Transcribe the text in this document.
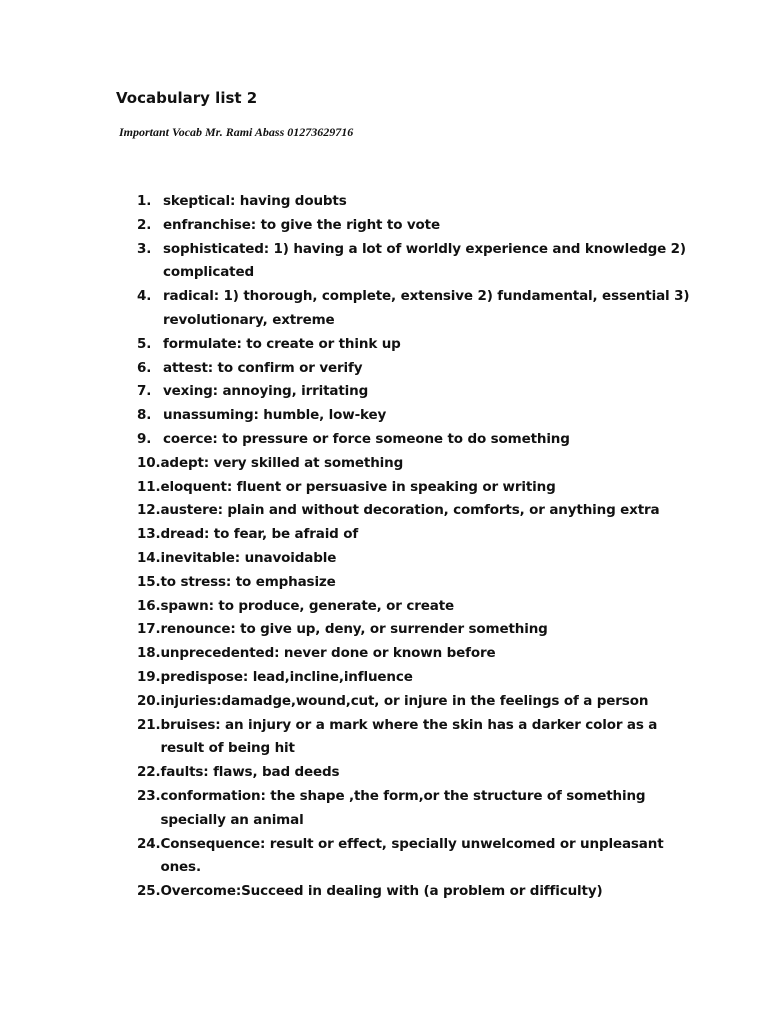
Vocabulary list 2

Important Vocab Mr. Rami Abass 01273629716

1. skeptical: having doubts
2. enfranchise: to give the right to vote
3. sophisticated: 1) having a lot of worldly experience and knowledge 2) complicated
4. radical: 1) thorough, complete, extensive 2) fundamental, essential 3) revolutionary, extreme
5. formulate: to create or think up
6. attest: to confirm or verify
7. vexing: annoying, irritating
8. unassuming: humble, low-key
9. coerce: to pressure or force someone to do something
10. adept: very skilled at something
11. eloquent: fluent or persuasive in speaking or writing
12. austere: plain and without decoration, comforts, or anything extra
13. dread: to fear, be afraid of
14. inevitable: unavoidable
15. to stress: to emphasize
16. spawn: to produce, generate, or create
17. renounce: to give up, deny, or surrender something
18. unprecedented: never done or known before
19. predispose: lead,incline,influence
20. injuries:damadge,wound,cut, or injure in the feelings of a person
21. bruises: an injury or a mark where the skin has a darker color as a result of being hit
22. faults: flaws, bad deeds
23. conformation: the shape ,the form,or the structure of something specially an animal
24. Consequence: result or effect, specially unwelcomed or unpleasant ones.
25. Overcome:Succeed in dealing with (a problem or difficulty)
